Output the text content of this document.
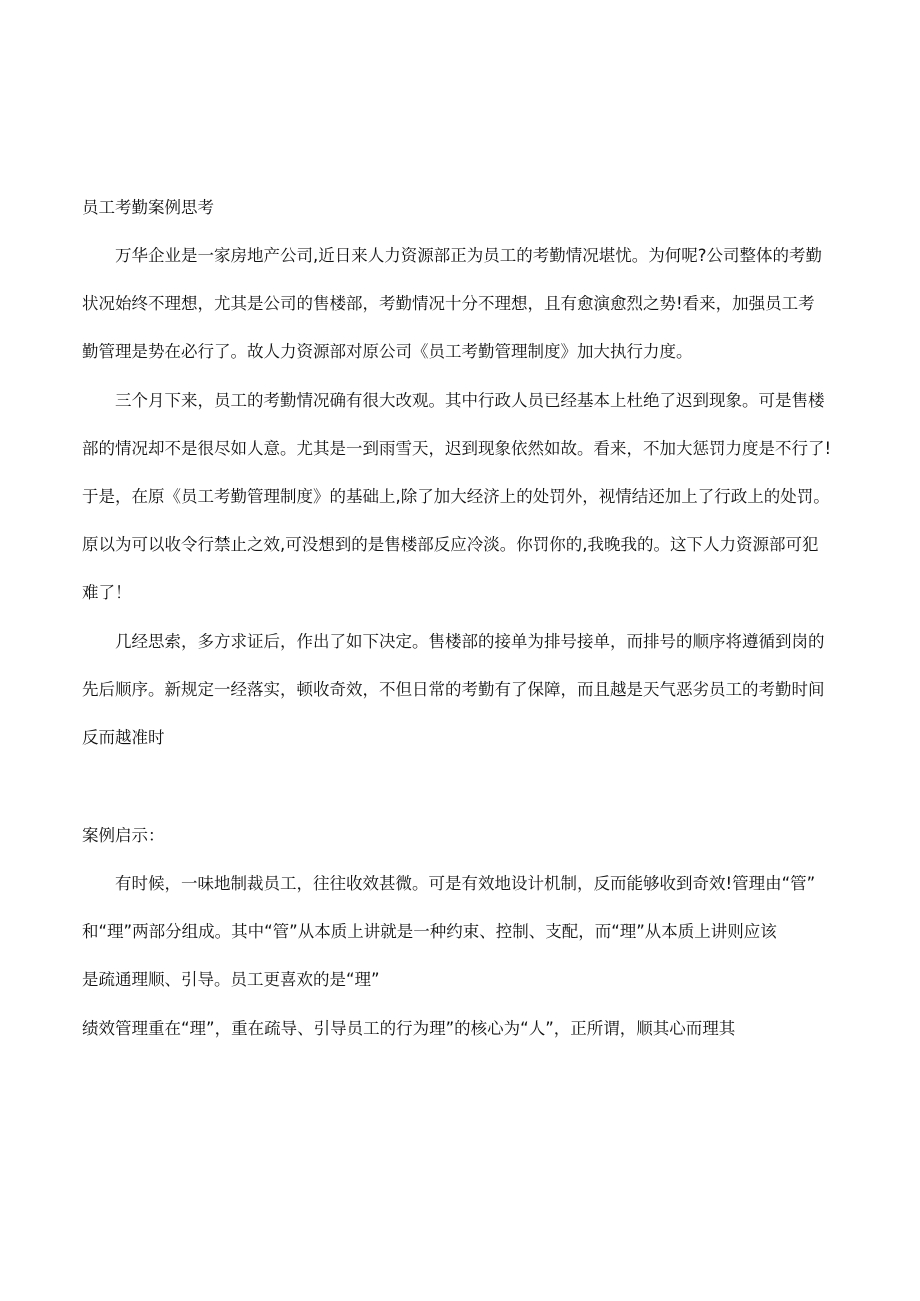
员工考勤案例思考
万华企业是一家房地产公司,近日来人力资源部正为员工的考勤情况堪忧。为何呢?公司整体的考勤
状况始终不理想，尤其是公司的售楼部，考勤情况十分不理想，且有愈演愈烈之势!看来，加强员工考
勤管理是势在必行了。故人力资源部对原公司《员工考勤管理制度》加大执行力度。
三个月下来，员工的考勤情况确有很大改观。其中行政人员已经基本上杜绝了迟到现象。可是售楼
部的情况却不是很尽如人意。尤其是一到雨雪天，迟到现象依然如故。看来，不加大惩罚力度是不行了!
于是，在原《员工考勤管理制度》的基础上,除了加大经济上的处罚外，视情结还加上了行政上的处罚。
原以为可以收令行禁止之效,可没想到的是售楼部反应冷淡。你罚你的,我晚我的。这下人力资源部可犯
难了！
几经思索，多方求证后，作出了如下决定。售楼部的接单为排号接单，而排号的顺序将遵循到岗的
先后顺序。新规定一经落实，顿收奇效，不但日常的考勤有了保障，而且越是天气恶劣员工的考勤时间
反而越准时
案例启示：
有时候，一味地制裁员工，往往收效甚微。可是有效地设计机制，反而能够收到奇效!管理由“管”
和“理”两部分组成。其中“管”从本质上讲就是一种约束、控制、支配，而“理”从本质上讲则应该
是疏通理顺、引导。员工更喜欢的是“理”
绩效管理重在“理”，重在疏导、引导员工的行为理”的核心为“人”，正所谓，顺其心而理其
